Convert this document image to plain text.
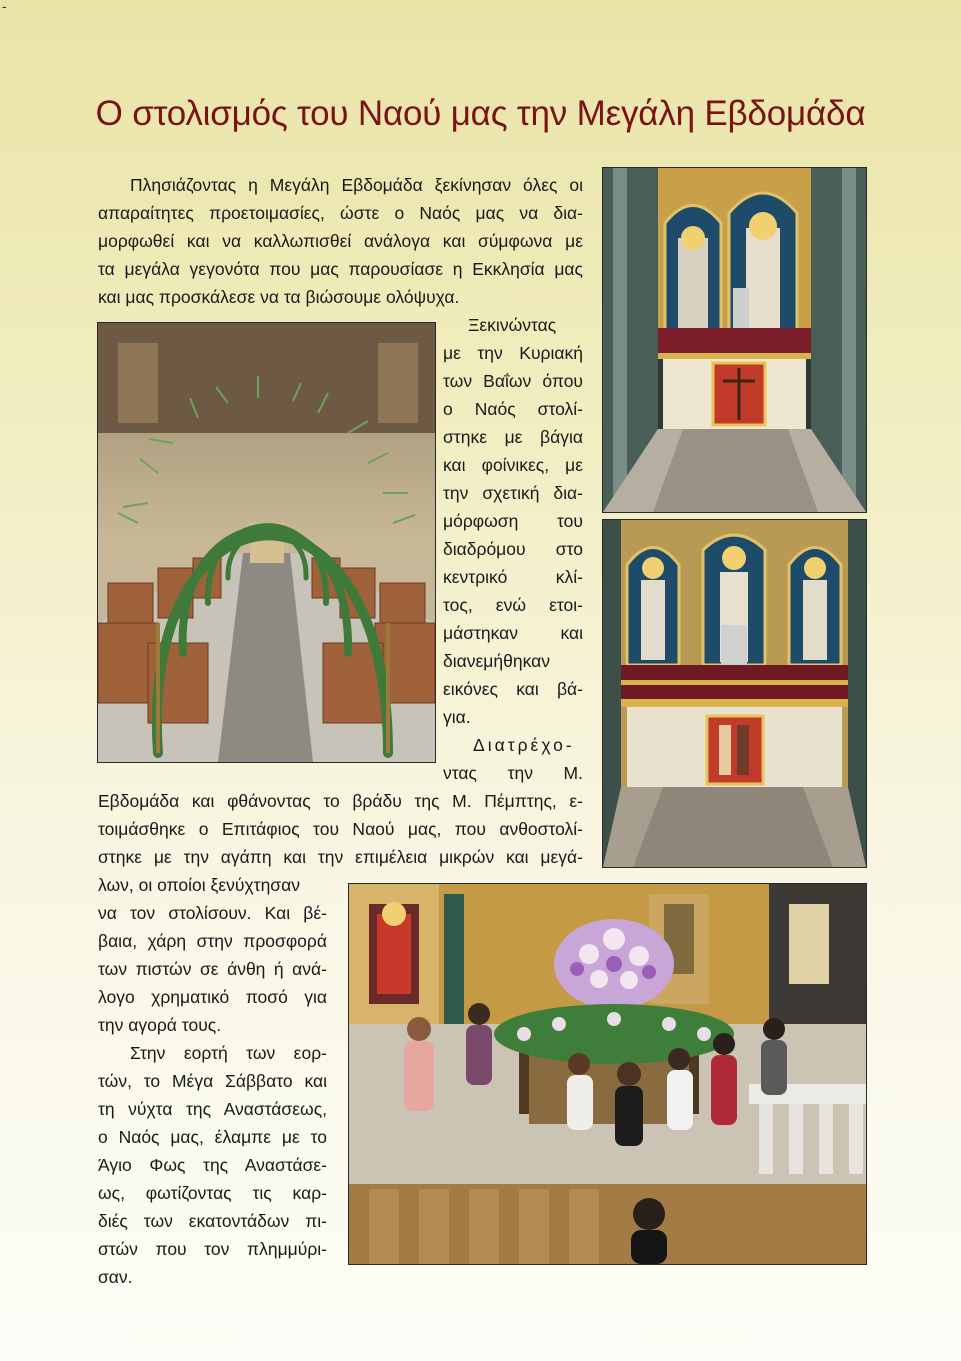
-
Ο στολισμός του Ναού μας την Μεγάλη Εβδομάδα
Πλησιάζοντας η Μεγάλη Εβδομάδα ξεκίνησαν όλες οι
απαραίτητες προετοιμασίες, ώστε ο Ναός μας να δια-
μορφωθεί και να καλλωπισθεί ανάλογα και σύμφωνα με
τα μεγάλα γεγονότα που μας παρουσίασε η Εκκλησία μας
και μας προσκάλεσε να τα βιώσουμε ολόψυχα.
Ξεκινώντας
με την Κυριακή
των Βαΐων όπου
ο Ναός στολί-
στηκε με βάγια
και φοίνικες, με
την σχετική δια-
μόρφωση του
διαδρόμου στο
κεντρικό κλί-
τος, ενώ ετοι-
μάστηκαν και
διανεμήθηκαν
εικόνες και βά-
για.
Διατρέχο-
ντας την Μ.
Εβδομάδα και φθάνοντας το βράδυ της Μ. Πέμπτης, ε-
τοιμάσθηκε ο Επιτάφιος του Ναού μας, που ανθοστολί-
στηκε με την αγάπη και την επιμέλεια μικρών και μεγά-
λων, οι οποίοι ξενύχτησαν
να τον στολίσουν. Και βέ-
βαια, χάρη στην προσφορά
των πιστών σε άνθη ή ανά-
λογο χρηματικό ποσό για
την αγορά τους.
Στην εορτή των εορ-
τών, το Μέγα Σάββατο και
τη νύχτα της Αναστάσεως,
ο Ναός μας, έλαμπε με το
Άγιο Φως της Αναστάσε-
ως, φωτίζοντας τις καρ-
διές των εκατοντάδων πι-
στών που τον πλημμύρι-
σαν.
